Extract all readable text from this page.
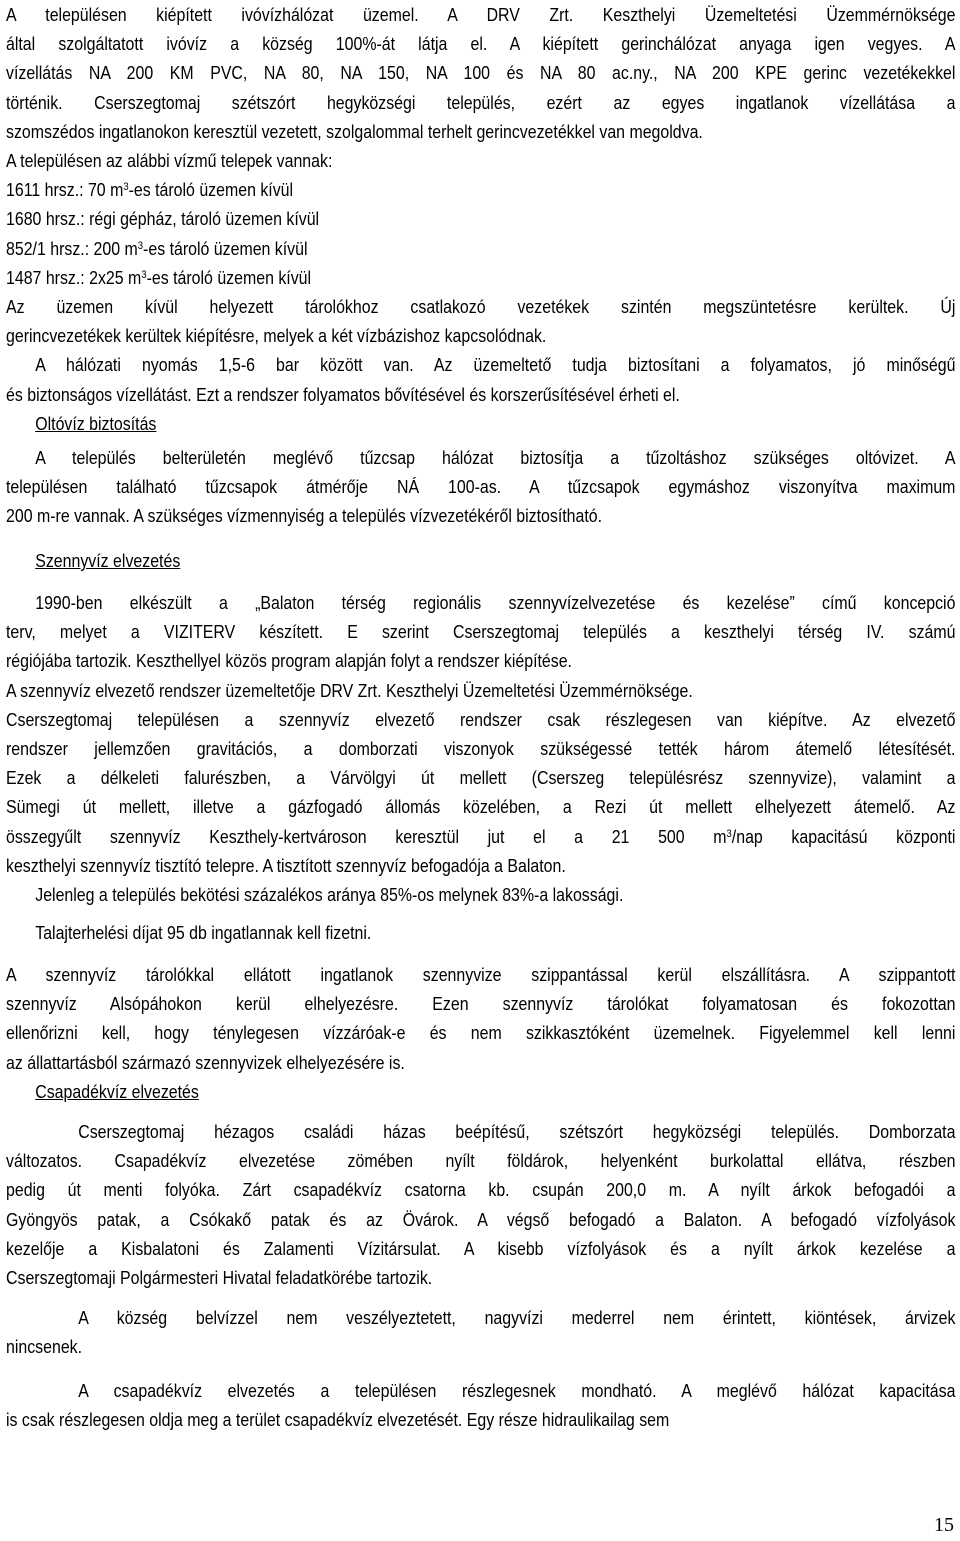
A településen kiépített ivóvízhálózat üzemel. A DRV Zrt. Keszthelyi Üzemeltetési Üzemmérnöksége
által szolgáltatott ivóvíz a község 100%-át látja el. A kiépített gerinchálózat anyaga igen vegyes. A
vízellátás NA 200 KM PVC, NA 80, NA 150, NA 100 és NA 80 ac.ny., NA 200 KPE gerinc vezetékekkel
történik. Cserszegtomaj szétszórt hegyközségi település, ezért az egyes ingatlanok vízellátása a
szomszédos ingatlanokon keresztül vezetett, szolgalommal terhelt gerincvezetékkel van megoldva.
A településen az alábbi vízmű telepek vannak:
1611 hrsz.: 70 $m^3-es$ tároló üzemen kívül
1680 hrsz.: régi gépház, tároló üzemen kívül
852/1 hrsz.: 200 $m^3-es$ tároló üzemen kívül
1487 hrsz.: 2x25 $m^3-es$ tároló üzemen kívül
Az üzemen kívül helyezett tárolókhoz csatlakozó vezetékek szintén megszüntetésre kerültek. Új
gerincvezetékek kerültek kiépítésre, melyek a két vízbázishoz kapcsolódnak.
A hálózati nyomás 1,5-6 bar között van. Az üzemeltető tudja biztosítani a folyamatos, jó minőségű
és biztonságos vízellátást. Ezt a rendszer folyamatos bővítésével és korszerűsítésével érheti el.
Oltóvíz biztosítás
A település belterületén meglévő tűzcsap hálózat biztosítja a tűzoltáshoz szükséges oltóvizet. A
településen található tűzcsapok átmérője NÁ 100-as. A tűzcsapok egymáshoz viszonyítva maximum
200 m-re vannak. A szükséges vízmennyiség a település vízvezetékéről biztosítható.
Szennyvíz elvezetés
1990-ben elkészült a „Balaton térség regionális szennyvízelvezetése és kezelése” című koncepció
terv, melyet a VIZITERV készített. E szerint Cserszegtomaj település a keszthelyi térség IV. számú
régiójába tartozik. Keszthellyel közös program alapján folyt a rendszer kiépítése.
A szennyvíz elvezető rendszer üzemeltetője DRV Zrt. Keszthelyi Üzemeltetési Üzemmérnöksége.
Cserszegtomaj településen a szennyvíz elvezető rendszer csak részlegesen van kiépítve. Az elvezető
rendszer jellemzően gravitációs, a domborzati viszonyok szükségessé tették három átemelő létesítését.
Ezek a délkeleti falurészben, a Várvölgyi út mellett (Cserszeg településrész szennyvize), valamint a
Sümegi út mellett, illetve a gázfogadó állomás közelében, a Rezi út mellett elhelyezett átemelő. Az
összegyűlt szennyvíz Keszthely-kertvároson keresztül jut el a 21 500 $m^3$/nap kapacitású központi
keszthelyi szennyvíz tisztító telepre. A tisztított szennyvíz befogadója a Balaton.
Jelenleg a település bekötési százalékos aránya 85%-os melynek 83%-a lakossági.
Talajterhelési díjat 95 db ingatlannak kell fizetni.
A szennyvíz tárolókkal ellátott ingatlanok szennyvize szippantással kerül elszállításra. A szippantott
szennyvíz Alsópáhokon kerül elhelyezésre. Ezen szennyvíz tárolókat folyamatosan és fokozottan
ellenőrizni kell, hogy ténylegesen vízzáróak-e és nem szikkasztóként üzemelnek. Figyelemmel kell lenni
az állattartásból származó szennyvizek elhelyezésére is.
Csapadékvíz elvezetés
Cserszegtomaj hézagos családi házas beépítésű, szétszórt hegyközségi település. Domborzata
változatos. Csapadékvíz elvezetése zömében nyílt földárok, helyenként burkolattal ellátva, részben
pedig út menti folyóka. Zárt csapadékvíz csatorna kb. csupán 200,0 m. A nyílt árkok befogadói a
Gyöngyös patak, a Csókakő patak és az Övárok. A végső befogadó a Balaton. A befogadó vízfolyások
kezelője a Kisbalatoni és Zalamenti Vízitársulat. A kisebb vízfolyások és a nyílt árkok kezelése a
Cserszegtomaji Polgármesteri Hivatal feladatkörébe tartozik.
A község belvízzel nem veszélyeztetett, nagyvízi mederrel nem érintett, kiöntések, árvizek
nincsenek.
A csapadékvíz elvezetés a településen részlegesnek mondható. A meglévő hálózat kapacitása
is csak részlegesen oldja meg a terület csapadékvíz elvezetését. Egy része hidraulikailag sem
15
